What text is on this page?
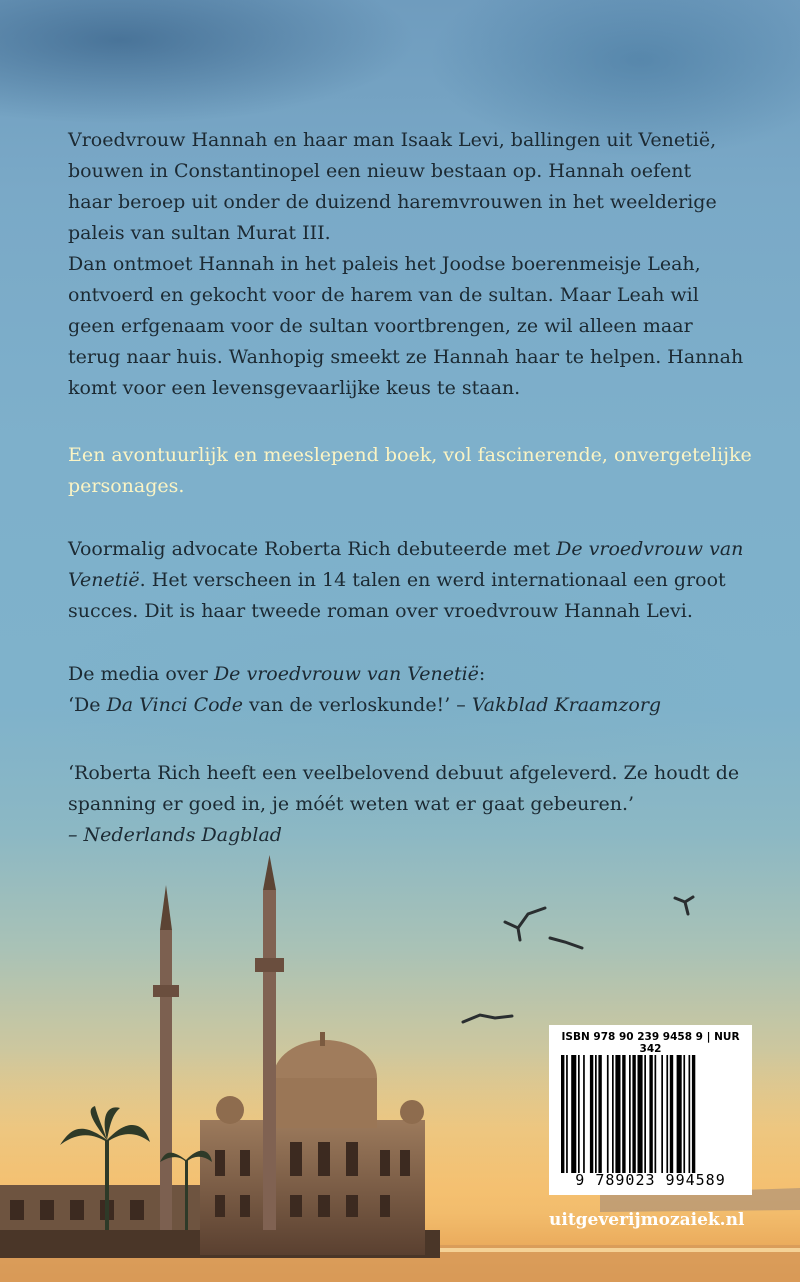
Vroedvrouw Hannah en haar man Isaak Levi, ballingen uit Venetië,

bouwen in Constantinopel een nieuw bestaan op. Hannah oefent

haar beroep uit onder de duizend haremvrouwen in het weelderige

paleis van sultan Murat III.

Dan ontmoet Hannah in het paleis het Joodse boerenmeisje Leah,

ontvoerd en gekocht voor de harem van de sultan. Maar Leah wil

geen erfgenaam voor de sultan voortbrengen, ze wil alleen maar

terug naar huis. Wanhopig smeekt ze Hannah haar te helpen. Hannah

komt voor een levensgevaarlijke keus te staan.

Een avontuurlijk en meeslepend boek, vol fascinerende, onvergetelijke

personages.

Voormalig advocate Roberta Rich debuteerde met De vroedvrouw van

Venetië. Het verscheen in 14 talen en werd internationaal een groot

succes. Dit is haar tweede roman over vroedvrouw Hannah Levi.

De media over De vroedvrouw van Venetië:

‘De Da Vinci Code van de verloskunde!’ – Vakblad Kraamzorg

‘Roberta Rich heeft een veelbelovend debuut afgeleverd. Ze houdt de

spanning er goed in, je móét weten wat er gaat gebeuren.’

– Nederlands Dagblad

ISBN 978 90 239 9458 9 | NUR 342
9 789023 994589
uitgeverijmozaiek.nl
